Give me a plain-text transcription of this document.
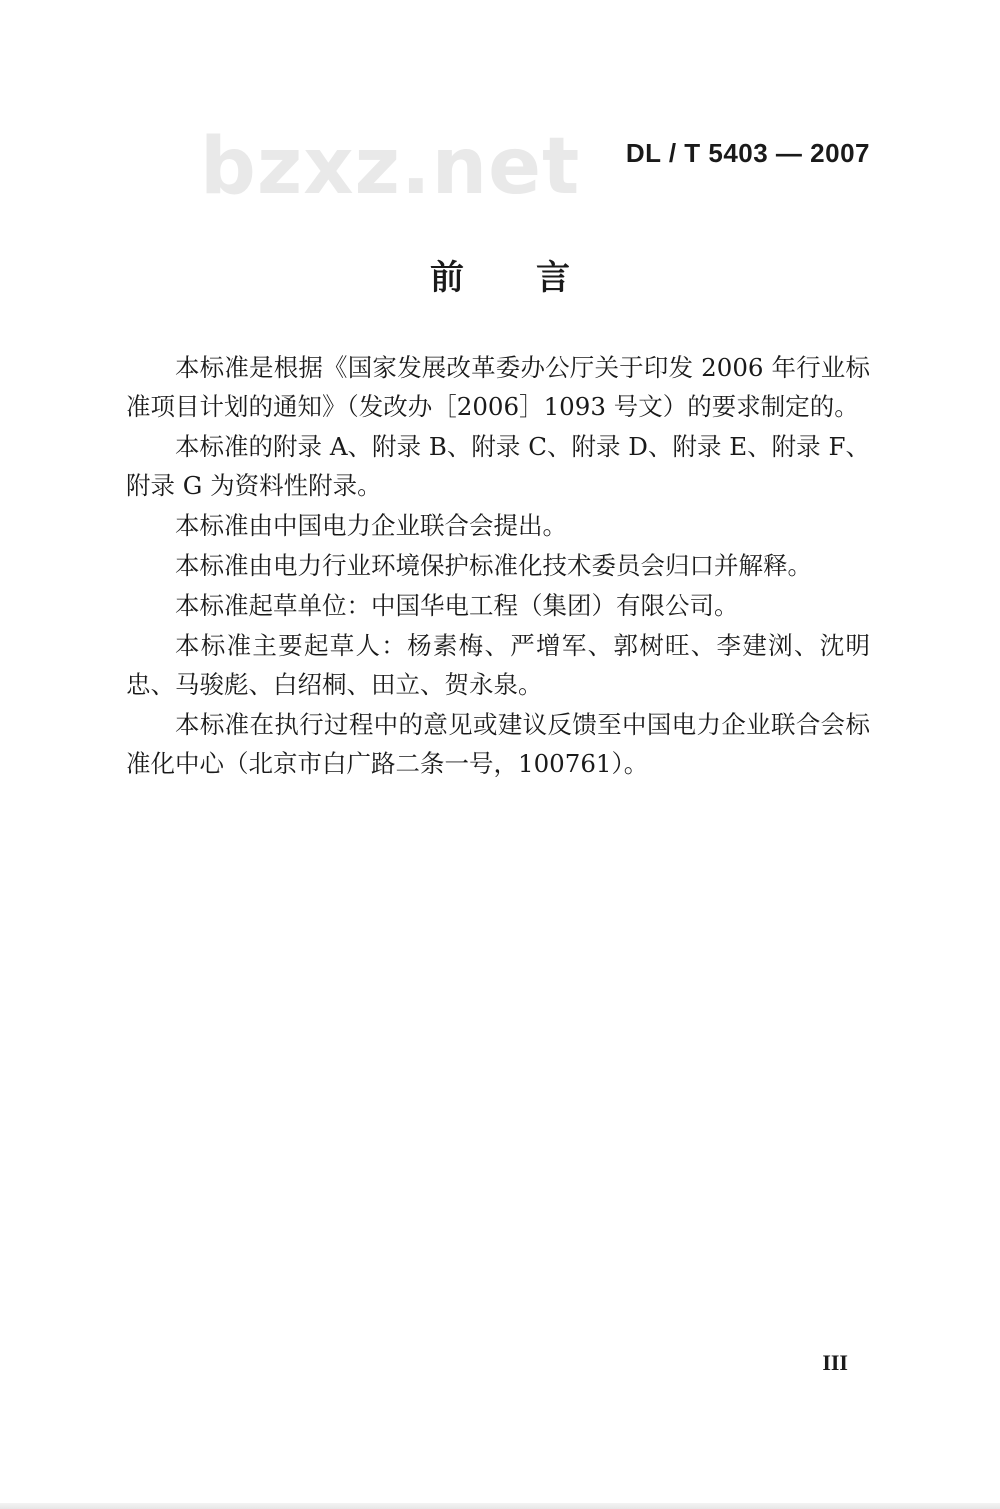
bzxz.net DL / T 5403 — 2007
前言

本标准是根据《国家发展改革委办公厅关于印发 2006 年行业标准项目计划的通知》（发改办［2006］1093 号文）的要求制定的。

本标准的附录 A、附录 B、附录 C、附录 D、附录 E、附录 F、附录 G 为资料性附录。

本标准由中国电力企业联合会提出。

本标准由电力行业环境保护标准化技术委员会归口并解释。

本标准起草单位：中国华电工程（集团）有限公司。

本标准主要起草人：杨素梅、严增军、郭树旺、李建浏、沈明忠、马骏彪、白绍桐、田立、贺永泉。

本标准在执行过程中的意见或建议反馈至中国电力企业联合会标准化中心（北京市白广路二条一号，100761）。

III
